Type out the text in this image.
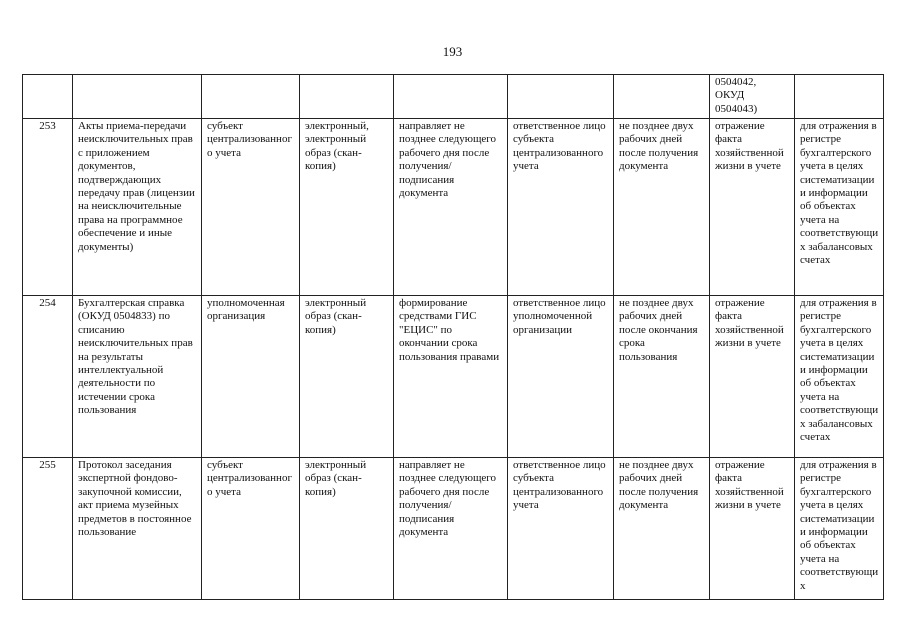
193
							0504042,
ОКУД
0504043)	
253	Акты приема-передачи неисключительных прав с приложением документов, подтверждающих передачу прав (лицензии на неисключительные права на программное обеспечение и иные документы)	субъект централизованного учета	электронный, электронный образ (скан-копия)	направляет не позднее следующего рабочего дня после получения/подписания документа	ответственное лицо субъекта централизованного учета	не позднее двух рабочих дней после получения документа	отражение факта хозяйственной жизни в учете	для отражения в регистре бухгалтерского учета в целях систематизации и информации об объектах учета на соответствующих забалансовых счетах
254	Бухгалтерская справка (ОКУД 0504833) по списанию неисключительных прав на результаты интеллектуальной деятельности по истечении срока пользования	уполномоченная организация	электронный образ (скан-копия)	формирование средствами ГИС "ЕЦИС" по окончании срока пользования правами	ответственное лицо уполномоченной организации	не позднее двух рабочих дней после окончания срока пользования	отражение факта хозяйственной жизни в учете	для отражения в регистре бухгалтерского учета в целях систематизации и информации об объектах учета на соответствующих забалансовых счетах
255	Протокол заседания экспертной фондово-закупочной комиссии, акт приема музейных предметов в постоянное пользование	субъект централизованного учета	электронный образ (скан-копия)	направляет не позднее следующего рабочего дня после получения/подписания документа	ответственное лицо субъекта централизованного учета	не позднее двух рабочих дней после получения документа	отражение факта хозяйственной жизни в учете	для отражения в регистре бухгалтерского учета в целях систематизации и информации об объектах учета на соответствующих
